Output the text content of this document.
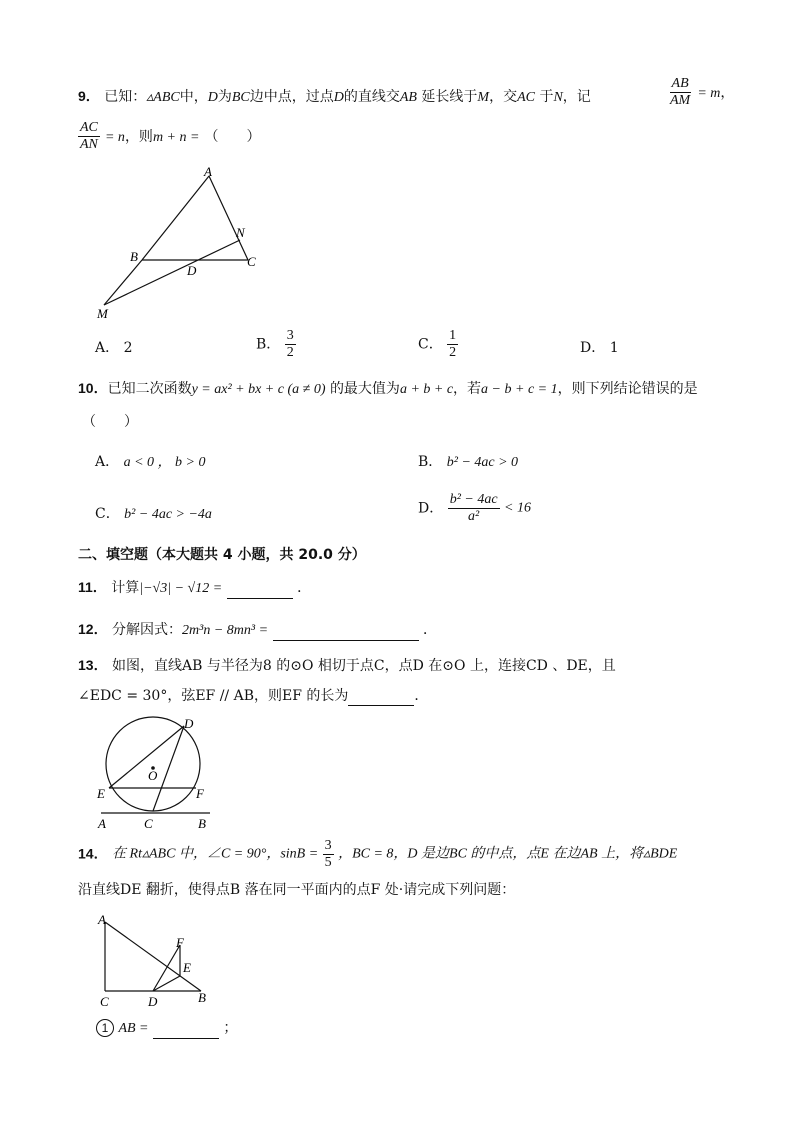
9． 已知：▵ABC中，D为BC边中点，过点D的直线交AB 延长线于M，交AC 于N，记	$\frac{AB}{AM} = m$，
$\frac{AC}{AN} = n$，则m + n = （　　）
A
B	C
D
N
M
A． 2	B． $\frac{3}{2}$	C． $\frac{1}{2}$	D． 1
10．已知二次函数y = ax² + bx + c (a ≠ 0) 的最大值为a + b + c，若a − b + c = 1，则下列结论错误的是
（　　）
A． a < 0 ， b > 0	B． b² − 4ac > 0
C． b² − 4ac > −4a	D． $\frac{\text{b² − 4ac}}{\text{a²}} < 16$
二、填空题（本大题共 4 小题，共 20.0 分）
11． 计算|−√3| − √12 =	．
12． 分解因式：2m³n − 8mn³ =	．
13． 如图，直线AB 与半径为8 的⊙O 相切于点C，点D 在⊙O 上，连接CD 、DE，且
∠EDC = 30°，弦EF // AB，则EF 的长为	．
D
O
E	F
A	C	B
14． 在 Rt▵ABC 中，∠C = 90°，$\sin B = \frac{3}{5}$ ，BC = 8，D 是边BC 的中点，点E 在边AB 上，将▵BDE
沿直线DE 翻折，使得点B 落在同一平面内的点F 处·请完成下列问题：
A
F
E
C	D	B
1 AB =	；
